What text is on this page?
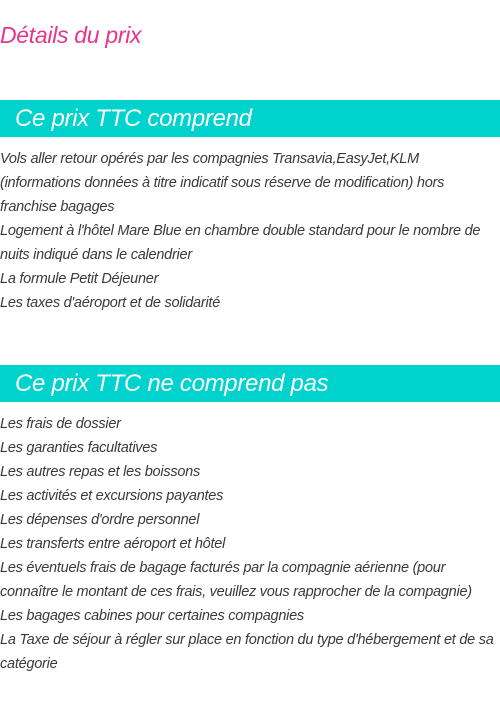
Détails du prix
Ce prix TTC comprend
Vols aller retour opérés par les compagnies Transavia,EasyJet,KLM (informations données à titre indicatif sous réserve de modification) hors franchise bagages
Logement à l'hôtel Mare Blue en chambre double standard pour le nombre de nuits indiqué dans le calendrier
La formule Petit Déjeuner
Les taxes d'aéroport et de solidarité
Ce prix TTC ne comprend pas
Les frais de dossier
Les garanties facultatives
Les autres repas et les boissons
Les activités et excursions payantes
Les dépenses d'ordre personnel
Les transferts entre aéroport et hôtel
Les éventuels frais de bagage facturés par la compagnie aérienne (pour connaître le montant de ces frais, veuillez vous rapprocher de la compagnie)
Les bagages cabines pour certaines compagnies
La Taxe de séjour à régler sur place en fonction du type d'hébergement et de sa catégorie
